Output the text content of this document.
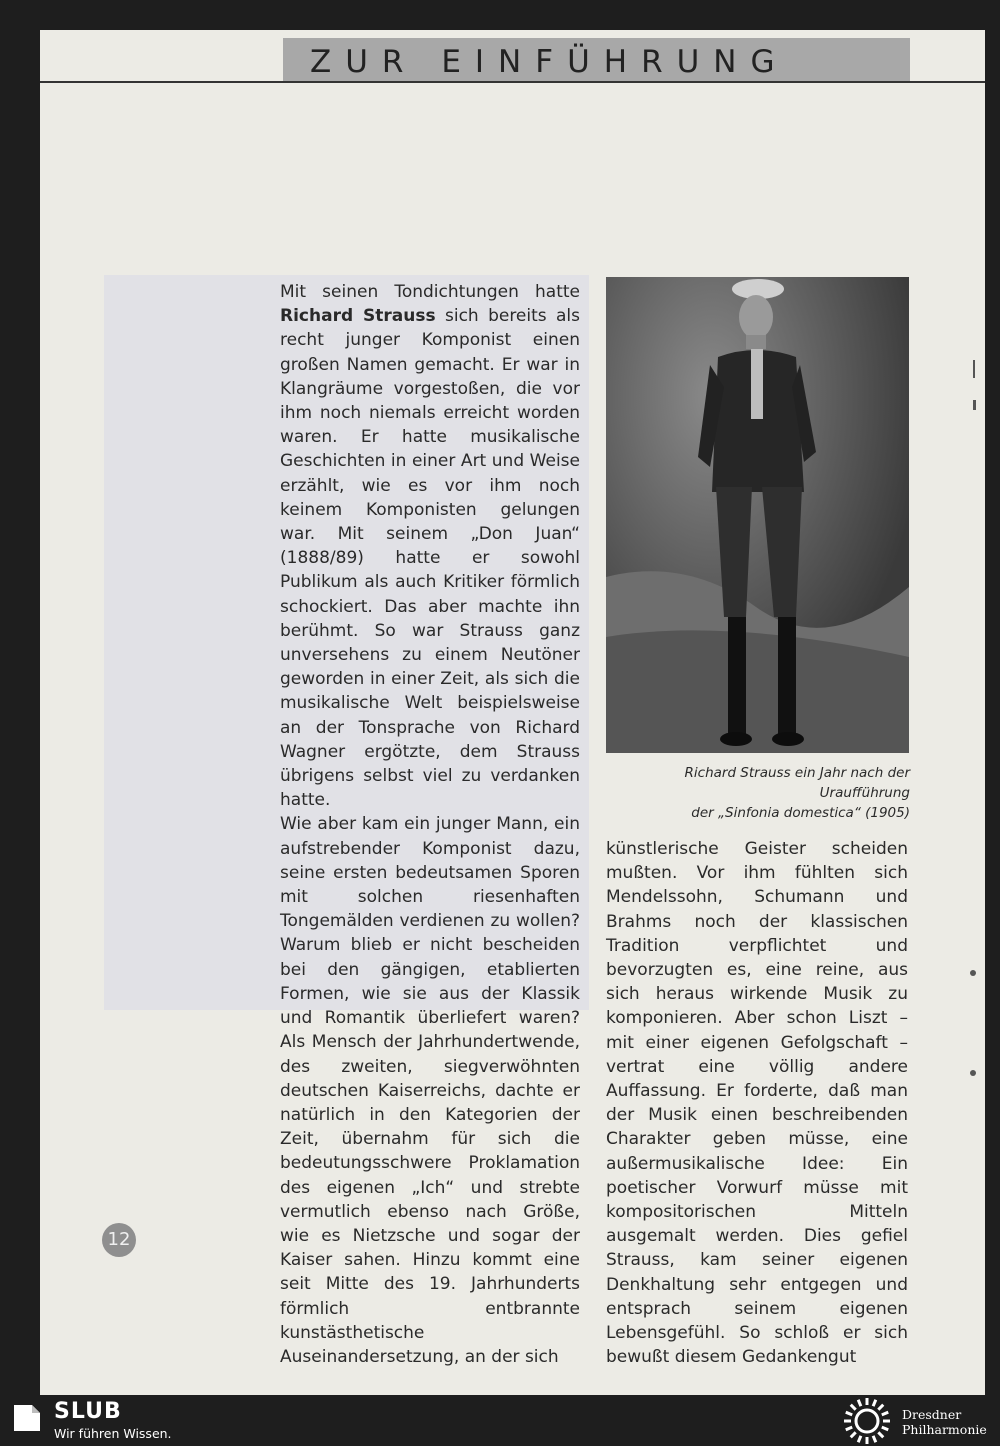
ZUR EINFÜHRUNG

Mit seinen Tondichtungen hatte Richard Strauss sich bereits als recht junger Komponist einen großen Namen gemacht. Er war in Klangräume vorgestoßen, die vor ihm noch niemals erreicht worden waren. Er hatte musikalische Geschichten in einer Art und Weise erzählt, wie es vor ihm noch keinem Komponisten gelungen war. Mit seinem „Don Juan“ (1888/89) hatte er sowohl Publikum als auch Kritiker förmlich schockiert. Das aber machte ihn berühmt. So war Strauss ganz unversehens zu einem Neutöner geworden in einer Zeit, als sich die musikalische Welt beispielsweise an der Tonsprache von Richard Wagner ergötzte, dem Strauss übrigens selbst viel zu verdanken hatte.

Wie aber kam ein junger Mann, ein aufstrebender Komponist dazu, seine ersten bedeutsamen Sporen mit solchen riesenhaften Tongemälden verdienen zu wollen? Warum blieb er nicht bescheiden bei den gängigen, etablierten Formen, wie sie aus der Klassik und Romantik überliefert waren? Als Mensch der Jahrhundertwende, des zweiten, siegverwöhnten deutschen Kaiserreichs, dachte er natürlich in den Kategorien der Zeit, übernahm für sich die bedeutungsschwere Proklamation des eigenen „Ich“ und strebte vermutlich ebenso nach Größe, wie es Nietzsche und sogar der Kaiser sahen. Hinzu kommt eine seit Mitte des 19. Jahrhunderts förmlich entbrannte kunstästhetische Auseinandersetzung, an der sich

Richard Strauss ein Jahr nach der Uraufführung
der „Sinfonia domestica“ (1905)

künstlerische Geister scheiden mußten. Vor ihm fühlten sich Mendelssohn, Schumann und Brahms noch der klassischen Tradition verpflichtet und bevorzugten es, eine reine, aus sich heraus wirkende Musik zu komponieren. Aber schon Liszt – mit einer eigenen Gefolgschaft – vertrat eine völlig andere Auffassung. Er forderte, daß man der Musik einen beschreibenden Charakter geben müsse, eine außermusikalische Idee: Ein poetischer Vorwurf müsse mit kompositorischen Mitteln ausgemalt werden. Dies gefiel Strauss, kam seiner eigenen Denkhaltung sehr entgegen und entsprach seinem eigenen Lebensgefühl. So schloß er sich bewußt diesem Gedankengut

12
SLUB
Wir führen Wissen.
Dresdner
Philharmonie
